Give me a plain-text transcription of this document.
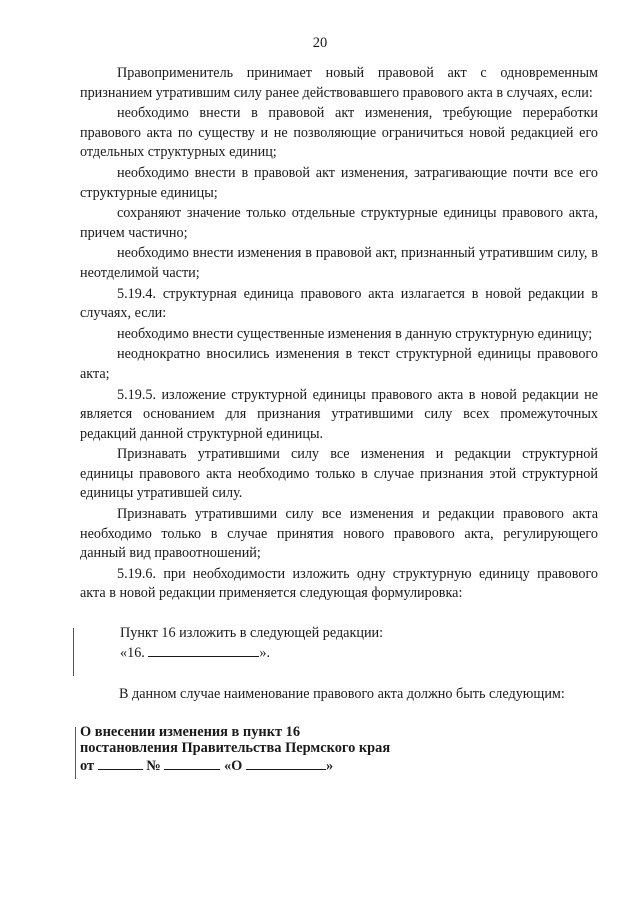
20

Правоприменитель принимает новый правовой акт с одновременным признанием утратившим силу ранее действовавшего правового акта в случаях, если:

необходимо внести в правовой акт изменения, требующие переработки правового акта по существу и не позволяющие ограничиться новой редакцией его отдельных структурных единиц;

необходимо внести в правовой акт изменения, затрагивающие почти все его структурные единицы;

сохраняют значение только отдельные структурные единицы правового акта, причем частично;

необходимо внести изменения в правовой акт, признанный утратившим силу, в неотделимой части;

5.19.4. структурная единица правового акта излагается в новой редакции в случаях, если:

необходимо внести существенные изменения в данную структурную единицу;

неоднократно вносились изменения в текст структурной единицы правового акта;

5.19.5. изложение структурной единицы правового акта в новой редакции не является основанием для признания утратившими силу всех промежуточных редакций данной структурной единицы.

Признавать утратившими силу все изменения и редакции структурной единицы правового акта необходимо только в случае признания этой структурной единицы утратившей силу.

Признавать утратившими силу все изменения и редакции правового акта необходимо только в случае принятия нового правового акта, регулирующего данный вид правоотношений;

5.19.6. при необходимости изложить одну структурную единицу правового акта в новой редакции применяется следующая формулировка:

Пункт 16 изложить в следующей редакции:
«16.	».
В данном случае наименование правового акта должно быть следующим:
О внесении изменения в пункт 16
постановления Правительства Пермского края
от	№	«О	»
